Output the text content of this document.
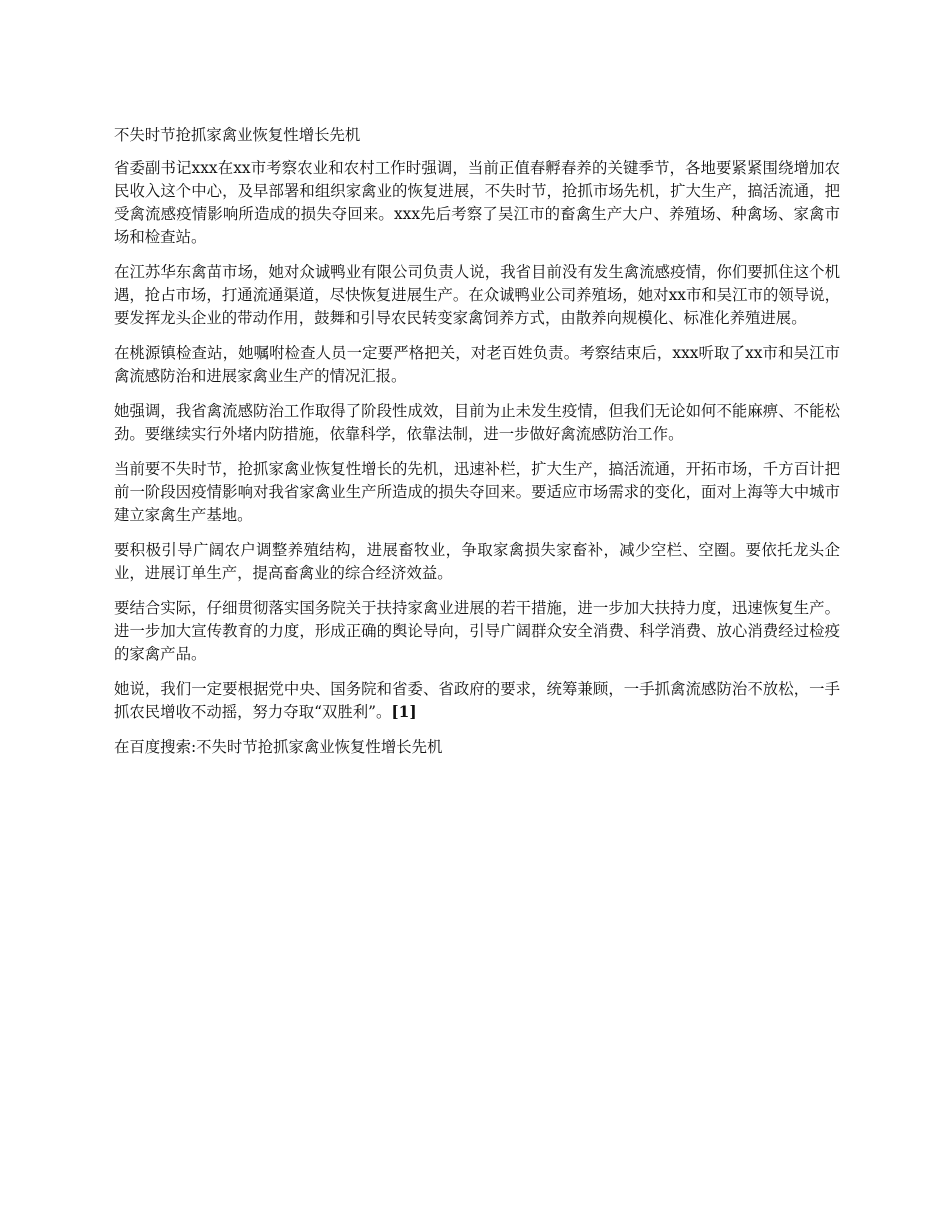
不失时节抢抓家禽业恢复性增长先机

省委副书记xxx在xx市考察农业和农村工作时强调，当前正值春孵春养的关键季节，各地要紧紧围绕增加农民收入这个中心，及早部署和组织家禽业的恢复进展，不失时节，抢抓市场先机，扩大生产，搞活流通，把受禽流感疫情影响所造成的损失夺回来。xxx先后考察了吴江市的畜禽生产大户、养殖场、种禽场、家禽市场和检查站。

在江苏华东禽苗市场，她对众诚鸭业有限公司负责人说，我省目前没有发生禽流感疫情，你们要抓住这个机遇，抢占市场，打通流通渠道，尽快恢复进展生产。在众诚鸭业公司养殖场，她对xx市和吴江市的领导说，要发挥龙头企业的带动作用，鼓舞和引导农民转变家禽饲养方式，由散养向规模化、标准化养殖进展。

在桃源镇检查站，她嘱咐检查人员一定要严格把关，对老百姓负责。考察结束后，xxx听取了xx市和吴江市禽流感防治和进展家禽业生产的情况汇报。

她强调，我省禽流感防治工作取得了阶段性成效，目前为止未发生疫情，但我们无论如何不能麻痹、不能松劲。要继续实行外堵内防措施，依靠科学，依靠法制，进一步做好禽流感防治工作。

当前要不失时节，抢抓家禽业恢复性增长的先机，迅速补栏，扩大生产，搞活流通，开拓市场，千方百计把前一阶段因疫情影响对我省家禽业生产所造成的损失夺回来。要适应市场需求的变化，面对上海等大中城市建立家禽生产基地。

要积极引导广阔农户调整养殖结构，进展畜牧业，争取家禽损失家畜补，减少空栏、空圈。要依托龙头企业，进展订单生产，提高畜禽业的综合经济效益。

要结合实际，仔细贯彻落实国务院关于扶持家禽业进展的若干措施，进一步加大扶持力度，迅速恢复生产。进一步加大宣传教育的力度，形成正确的舆论导向，引导广阔群众安全消费、科学消费、放心消费经过检疫的家禽产品。

她说，我们一定要根据党中央、国务院和省委、省政府的要求，统筹兼顾，一手抓禽流感防治不放松，一手抓农民增收不动摇，努力夺取“双胜利”。[1]

在百度搜索:不失时节抢抓家禽业恢复性增长先机
